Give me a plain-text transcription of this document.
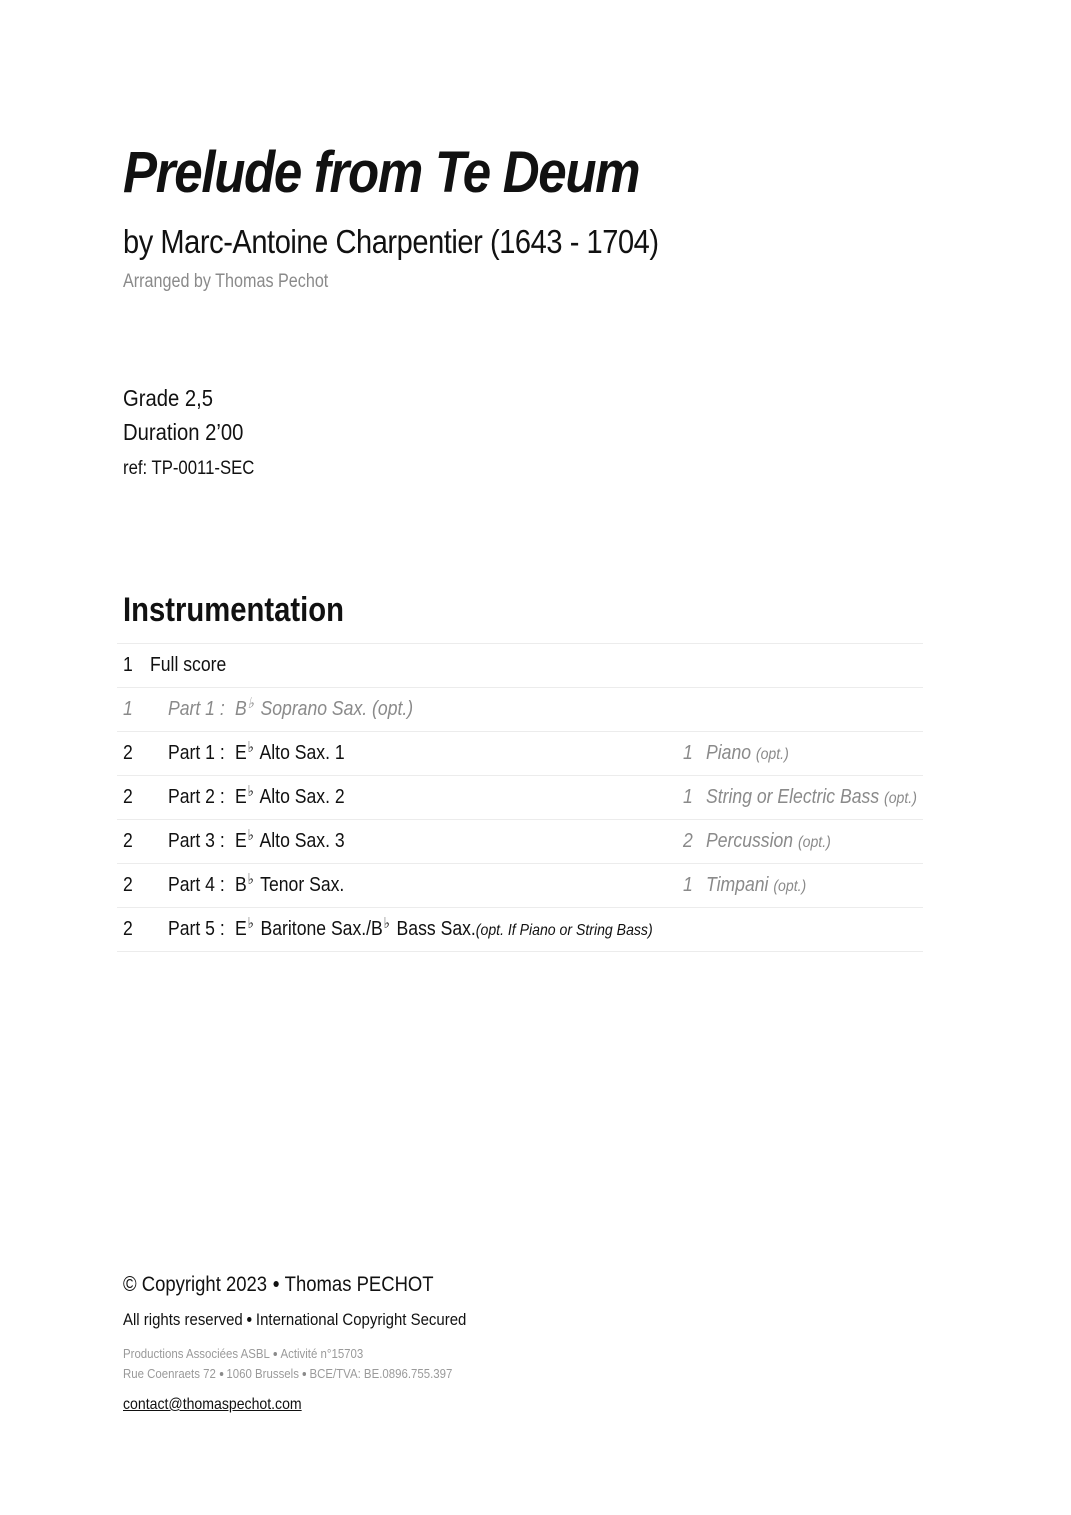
Prelude from Te Deum
by Marc-Antoine Charpentier (1643 - 1704)
Arranged by Thomas Pechot
Grade 2,5
Duration 2’00
ref: TP-0011-SEC
Instrumentation
1 Full score
1 Part 1 : B♭ Soprano Sax. (opt.)
2 Part 1 : E♭ Alto Sax. 1	1 Piano (opt.)
2 Part 2 : E♭ Alto Sax. 2	1 String or Electric Bass (opt.)
2 Part 3 : E♭ Alto Sax. 3	2 Percussion (opt.)
2 Part 4 : B♭ Tenor Sax.	1 Timpani (opt.)
2 Part 5 : E♭ Baritone Sax./B♭ Bass Sax.(opt. If Piano or String Bass)
© Copyright 2023 Thomas PECHOT
All rights reserved International Copyright Secured
Productions Associées ASBL Activité n°15703
Rue Coenraets 72 1060 Brussels BCE/TVA: BE.0896.755.397
contact@thomaspechot.com
